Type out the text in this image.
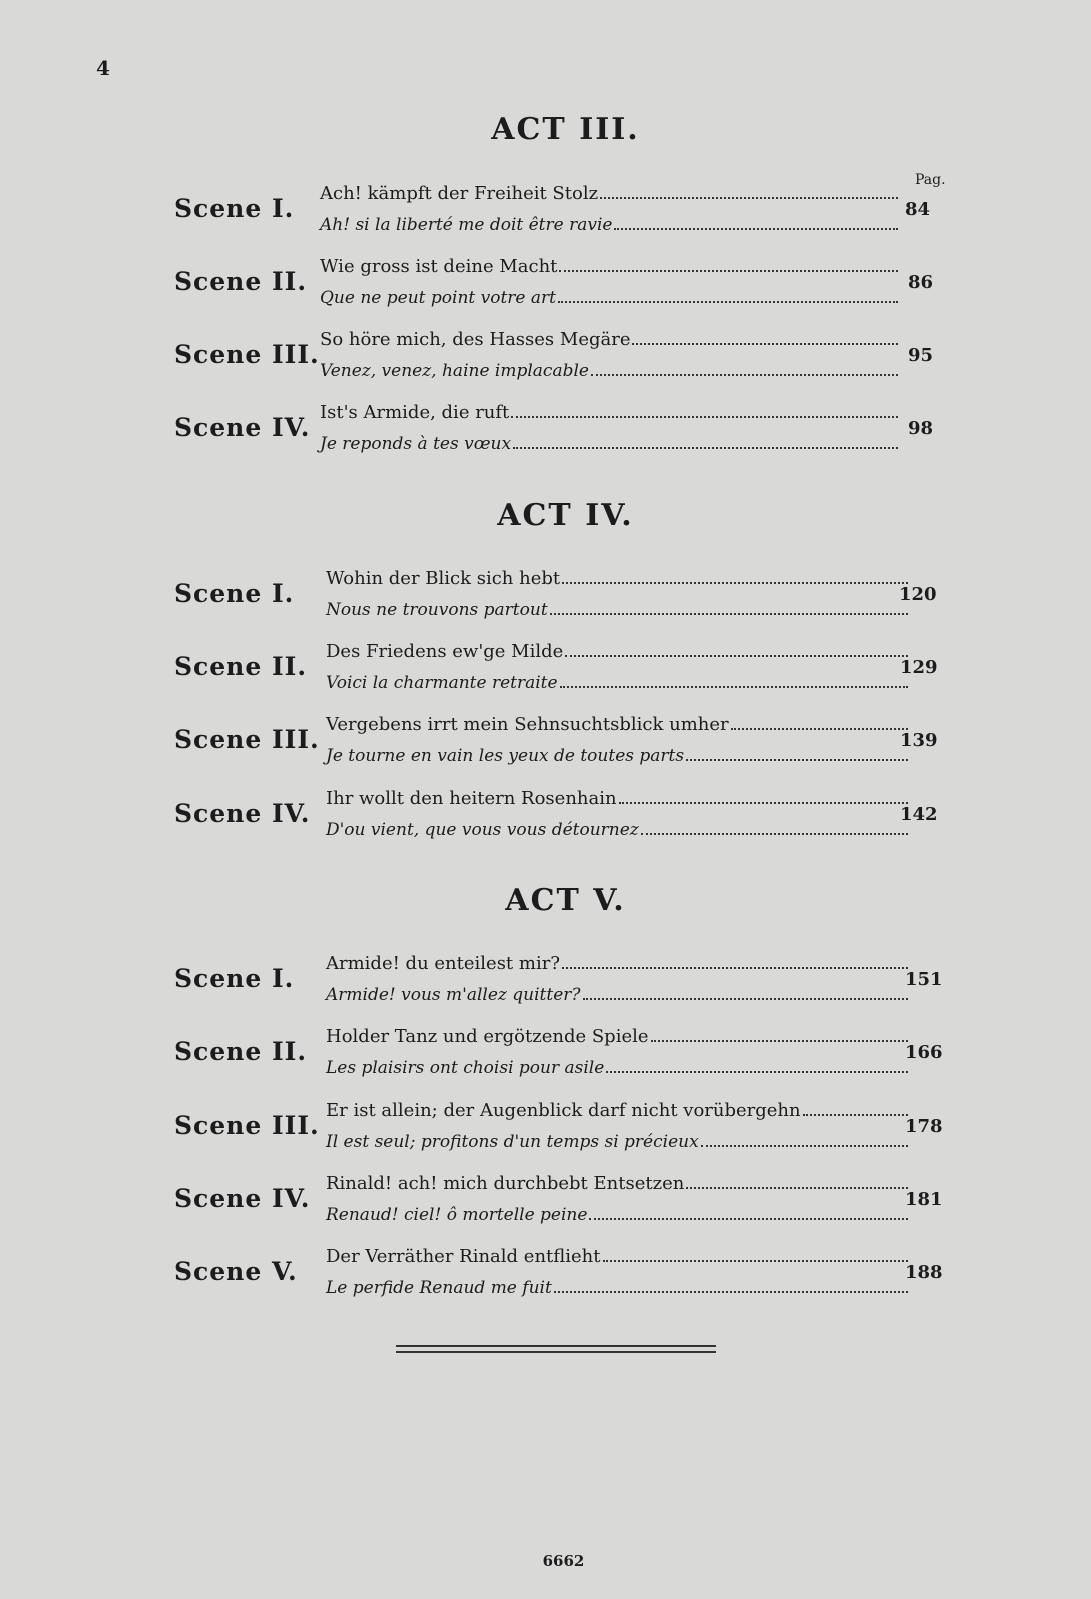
4
Pag.
ACT III.
Scene I.
Ach! kämpft der Freiheit Stolz
Ah! si la liberté me doit être ravie
84
Scene II.
Wie gross ist deine Macht
Que ne peut point votre art
86
Scene III.
So höre mich, des Hasses Megäre
Venez, venez, haine implacable
95
Scene IV.
Ist's Armide, die ruft
Je reponds à tes vœux
98
ACT IV.
Scene I.
Wohin der Blick sich hebt
Nous ne trouvons partout
120
Scene II.
Des Friedens ew'ge Milde
Voici la charmante retraite
129
Scene III.
Vergebens irrt mein Sehnsuchtsblick umher
Je tourne en vain les yeux de toutes parts
139
Scene IV.
Ihr wollt den heitern Rosenhain
D'ou vient, que vous vous détournez
142
ACT V.
Scene I.
Armide! du enteilest mir?
Armide! vous m'allez quitter?
151
Scene II.
Holder Tanz und ergötzende Spiele
Les plaisirs ont choisi pour asile
166
Scene III.
Er ist allein; der Augenblick darf nicht vorübergehn
Il est seul; profitons d'un temps si précieux
178
Scene IV.
Rinald! ach! mich durchbebt Entsetzen
Renaud! ciel! ô mortelle peine
181
Scene V.
Der Verräther Rinald entflieht
Le perfide Renaud me fuit
188
6662
